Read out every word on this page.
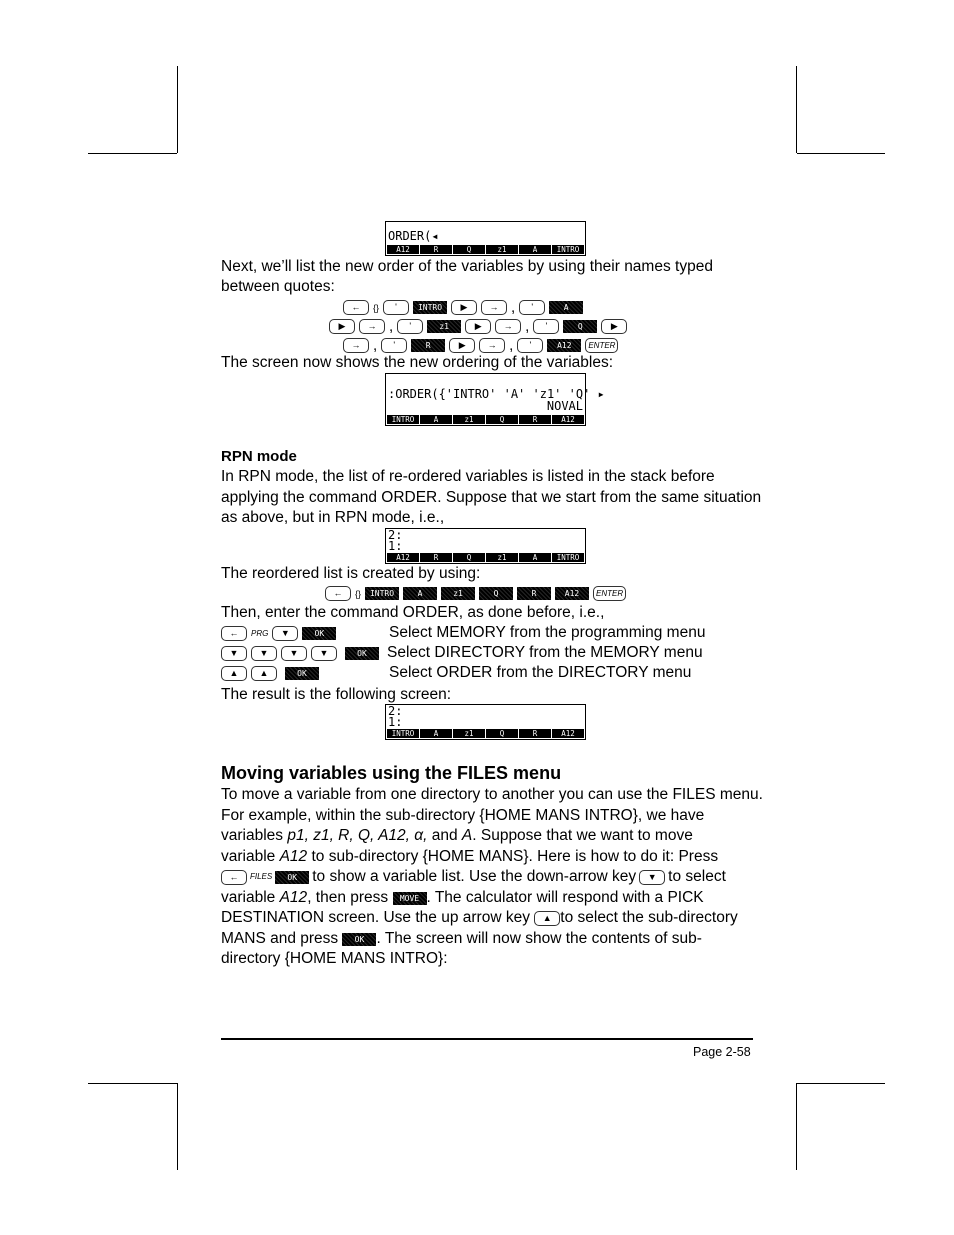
ORDER(◂
A12	R	Q	z1	A	INTRO
Next, we’ll list the new order of the variables by using their names typed
between quotes:
←	{}	'	INTRO	▶	→ ,	'	A
▶	→ ,	'	z1	▶	→ ,	'	Q	▶
→ ,	'	R	▶	→ ,	'	A12	ENTER
The screen now shows the new ordering of the variables:
:ORDER({'INTRO' 'A' 'z1' 'Q' ▸
NOVAL
INTRO	A	z1	Q	R	A12
RPN mode
In RPN mode, the list of re-ordered variables is listed in the stack before
applying the command ORDER. Suppose that we start from the same situation
as above, but in RPN mode, i.e.,
2:
1:
A12	R	Q	z1	A	INTRO
The reordered list is created by using:
←	{}	INTRO	A	z1	Q	R	A12	ENTER
Then, enter the command ORDER, as done before, i.e.,
←	PRG	▼	OK	Select MEMORY from the programming menu
▼	▼	▼	▼	OK	Select DIRECTORY from the MEMORY menu
▲	▲	OK	Select ORDER from the DIRECTORY menu
The result is the following screen:
2:
1:
INTRO	A	z1	Q	R	A12
Moving variables using the FILES menu
To move a variable from one directory to another you can use the FILES menu.
For example, within the sub-directory {HOME MANS INTRO}, we have
variables p1, z1, R, Q, A12, α, and A. Suppose that we want to move
variable A12 to sub-directory {HOME MANS}. Here is how to do it: Press
←	FILES	OK to show a variable list. Use the down-arrow key	▼ to select
variable
A12 , then press
	MOVE . The calculator will respond with a PICK
DESTINATION screen. Use the up arrow key
	▲ to select the sub-directory
MANS and press
	OK . The screen will now show the contents of sub-
directory {HOME MANS INTRO}:
Page 2-58
